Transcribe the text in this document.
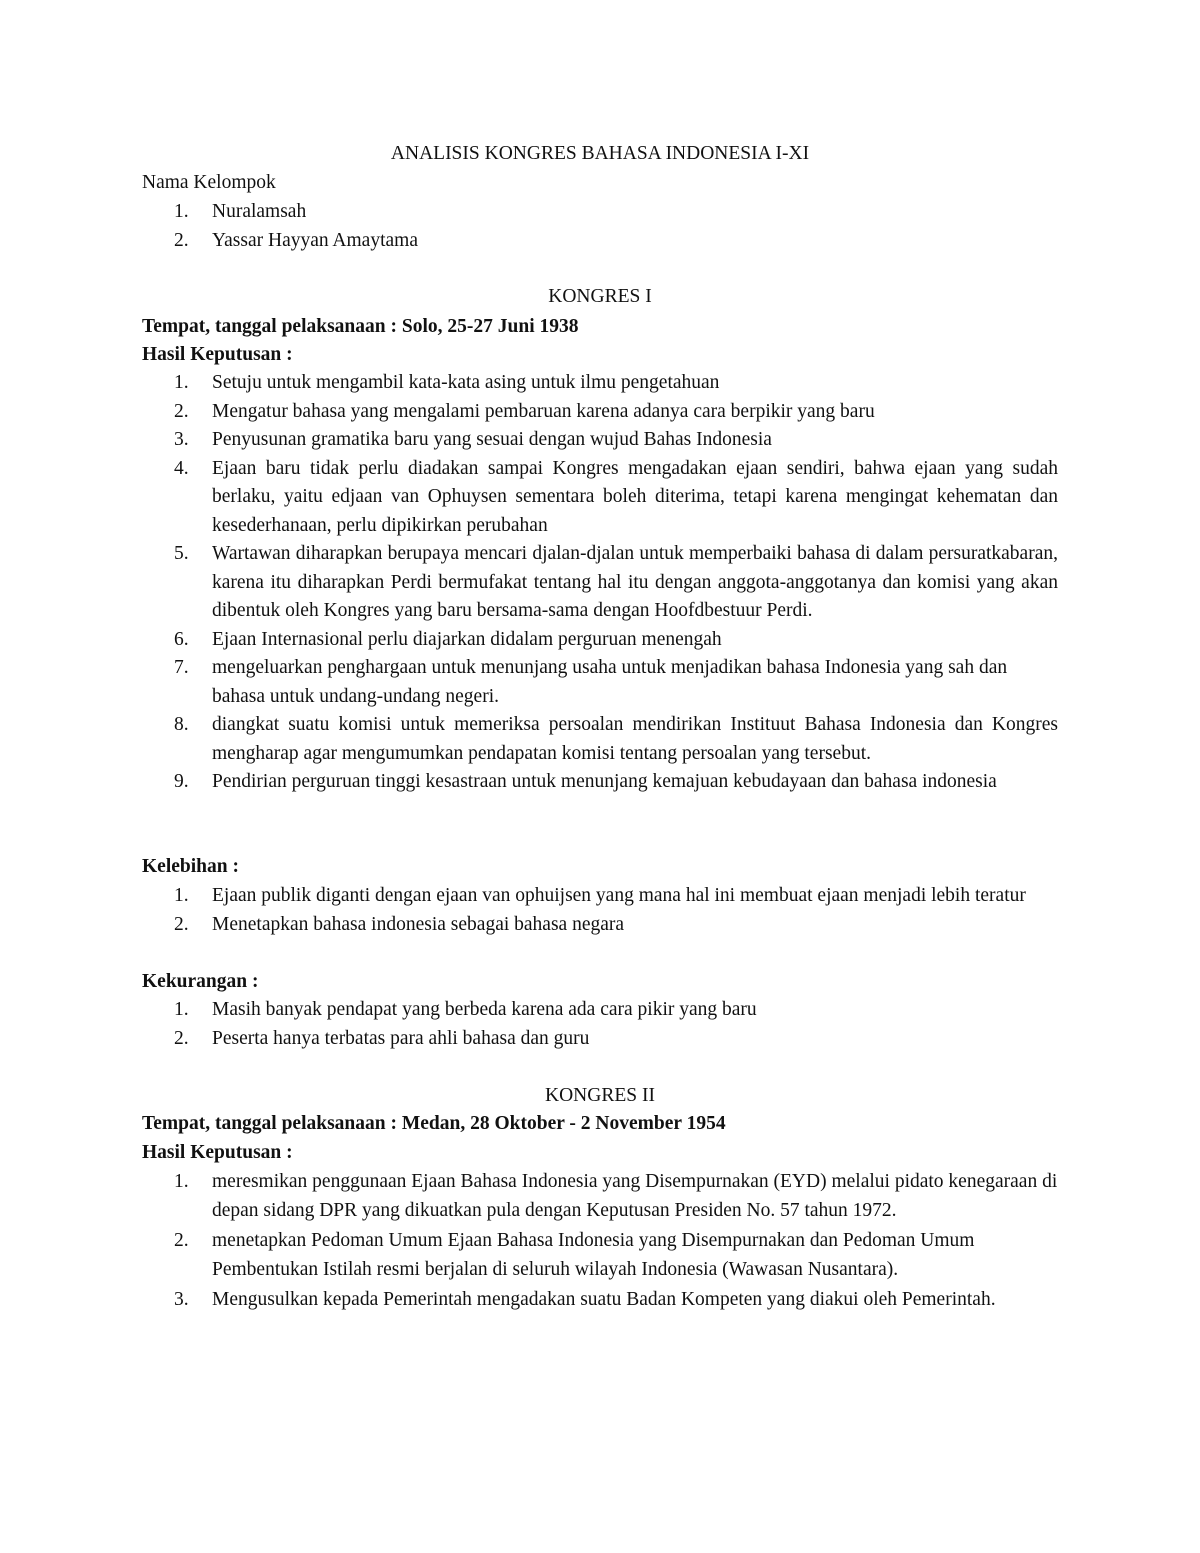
ANALISIS KONGRES BAHASA INDONESIA I-XI
Nama Kelompok
1. Nuralamsah
2. Yassar Hayyan Amaytama
KONGRES I
Tempat, tanggal pelaksanaan : Solo, 25-27 Juni 1938
Hasil Keputusan :
1. Setuju untuk mengambil kata-kata asing untuk ilmu pengetahuan
2. Mengatur bahasa yang mengalami pembaruan karena adanya cara berpikir yang baru
3. Penyusunan gramatika baru yang sesuai dengan wujud Bahas Indonesia
4. Ejaan baru tidak perlu diadakan sampai Kongres mengadakan ejaan sendiri, bahwa ejaan yang sudah berlaku, yaitu edjaan van Ophuysen sementara boleh diterima, tetapi karena mengingat kehematan dan kesederhanaan, perlu dipikirkan perubahan
5. Wartawan diharapkan berupaya mencari djalan-djalan untuk memperbaiki bahasa di dalam persuratkabaran, karena itu diharapkan Perdi bermufakat tentang hal itu dengan anggota-anggotanya dan komisi yang akan dibentuk oleh Kongres yang baru bersama-sama dengan Hoofdbestuur Perdi.
6. Ejaan Internasional perlu diajarkan didalam perguruan menengah
7. mengeluarkan penghargaan untuk menunjang usaha untuk menjadikan bahasa Indonesia yang sah dan bahasa untuk undang-undang negeri.
8. diangkat suatu komisi untuk memeriksa persoalan mendirikan Instituut Bahasa Indonesia dan Kongres mengharap agar mengumumkan pendapatan komisi tentang persoalan yang tersebut.
9. Pendirian perguruan tinggi kesastraan untuk menunjang kemajuan kebudayaan dan bahasa indonesia
Kelebihan :
1. Ejaan publik diganti dengan ejaan van ophuijsen yang mana hal ini membuat ejaan menjadi lebih teratur
2. Menetapkan bahasa indonesia sebagai bahasa negara
Kekurangan :
1. Masih banyak pendapat yang berbeda karena ada cara pikir yang baru
2. Peserta hanya terbatas para ahli bahasa dan guru
KONGRES II
Tempat, tanggal pelaksanaan : Medan, 28 Oktober - 2 November 1954
Hasil Keputusan :
1. meresmikan penggunaan Ejaan Bahasa Indonesia yang Disempurnakan (EYD) melalui pidato kenegaraan di depan sidang DPR yang dikuatkan pula dengan Keputusan Presiden No. 57 tahun 1972.
2. menetapkan Pedoman Umum Ejaan Bahasa Indonesia yang Disempurnakan dan Pedoman Umum Pembentukan Istilah resmi berjalan di seluruh wilayah Indonesia (Wawasan Nusantara).
3. Mengusulkan kepada Pemerintah mengadakan suatu Badan Kompeten yang diakui oleh Pemerintah.
